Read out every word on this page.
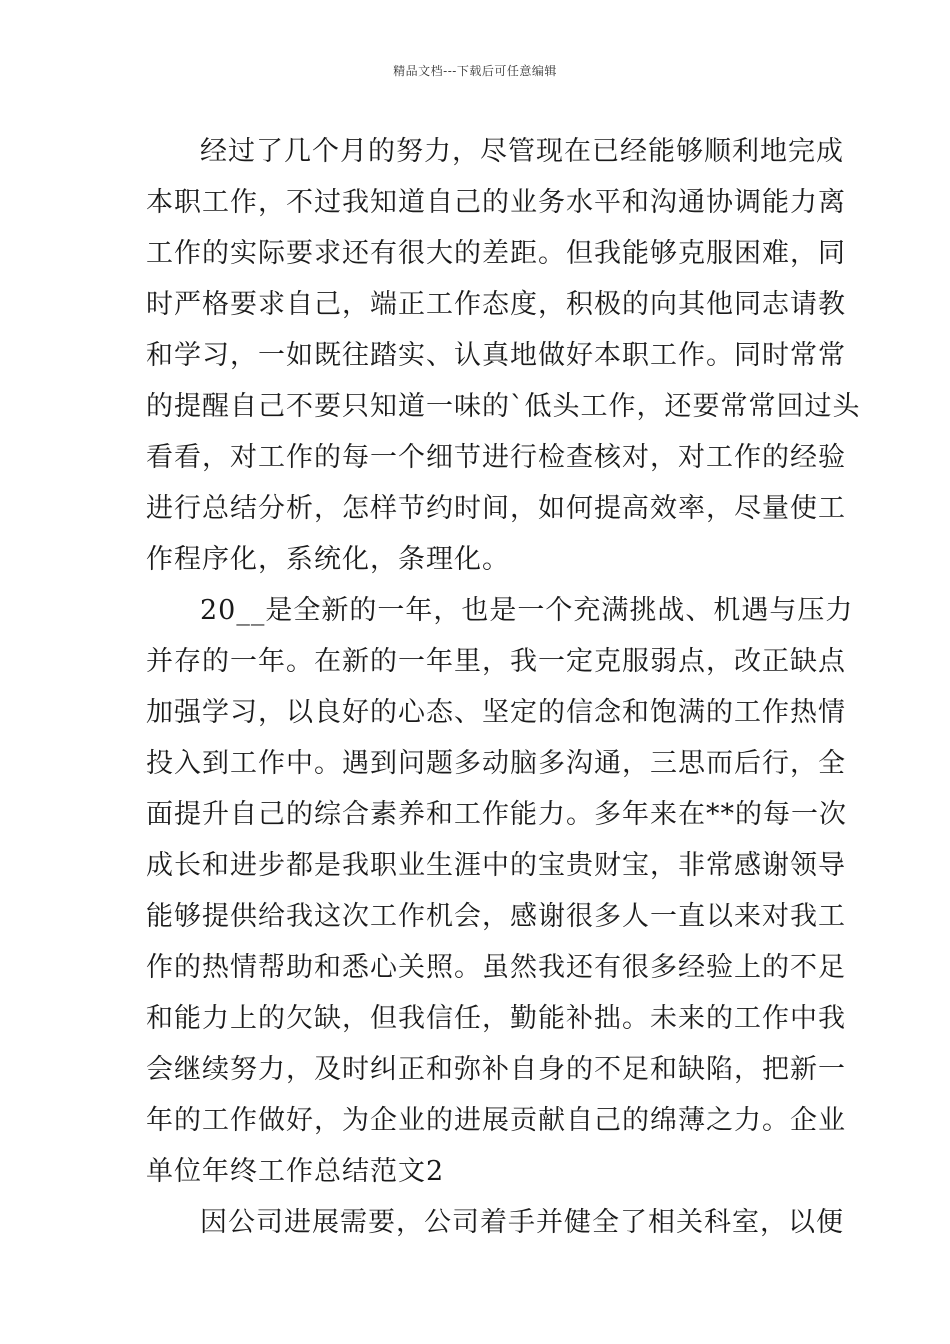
精品文档---下载后可任意编辑
经过了几个月的努力，尽管现在已经能够顺利地完成
本职工作，不过我知道自己的业务水平和沟通协调能力离
工作的实际要求还有很大的差距。但我能够克服困难，同
时严格要求自己，端正工作态度，积极的向其他同志请教
和学习，一如既往踏实、认真地做好本职工作。同时常常
的提醒自己不要只知道一味的`低头工作，还要常常回过头
看看，对工作的每一个细节进行检查核对，对工作的经验
进行总结分析，怎样节约时间，如何提高效率，尽量使工
作程序化，系统化，条理化。
20__是全新的一年，也是一个充满挑战、机遇与压力
并存的一年。在新的一年里，我一定克服弱点，改正缺点
加强学习，以良好的心态、坚定的信念和饱满的工作热情
投入到工作中。遇到问题多动脑多沟通，三思而后行，全
面提升自己的综合素养和工作能力。多年来在**的每一次
成长和进步都是我职业生涯中的宝贵财宝，非常感谢领导
能够提供给我这次工作机会，感谢很多人一直以来对我工
作的热情帮助和悉心关照。虽然我还有很多经验上的不足
和能力上的欠缺，但我信任，勤能补拙。未来的工作中我
会继续努力，及时纠正和弥补自身的不足和缺陷，把新一
年的工作做好，为企业的进展贡献自己的绵薄之力。企业
单位年终工作总结范文2
因公司进展需要，公司着手并健全了相关科室，以便
